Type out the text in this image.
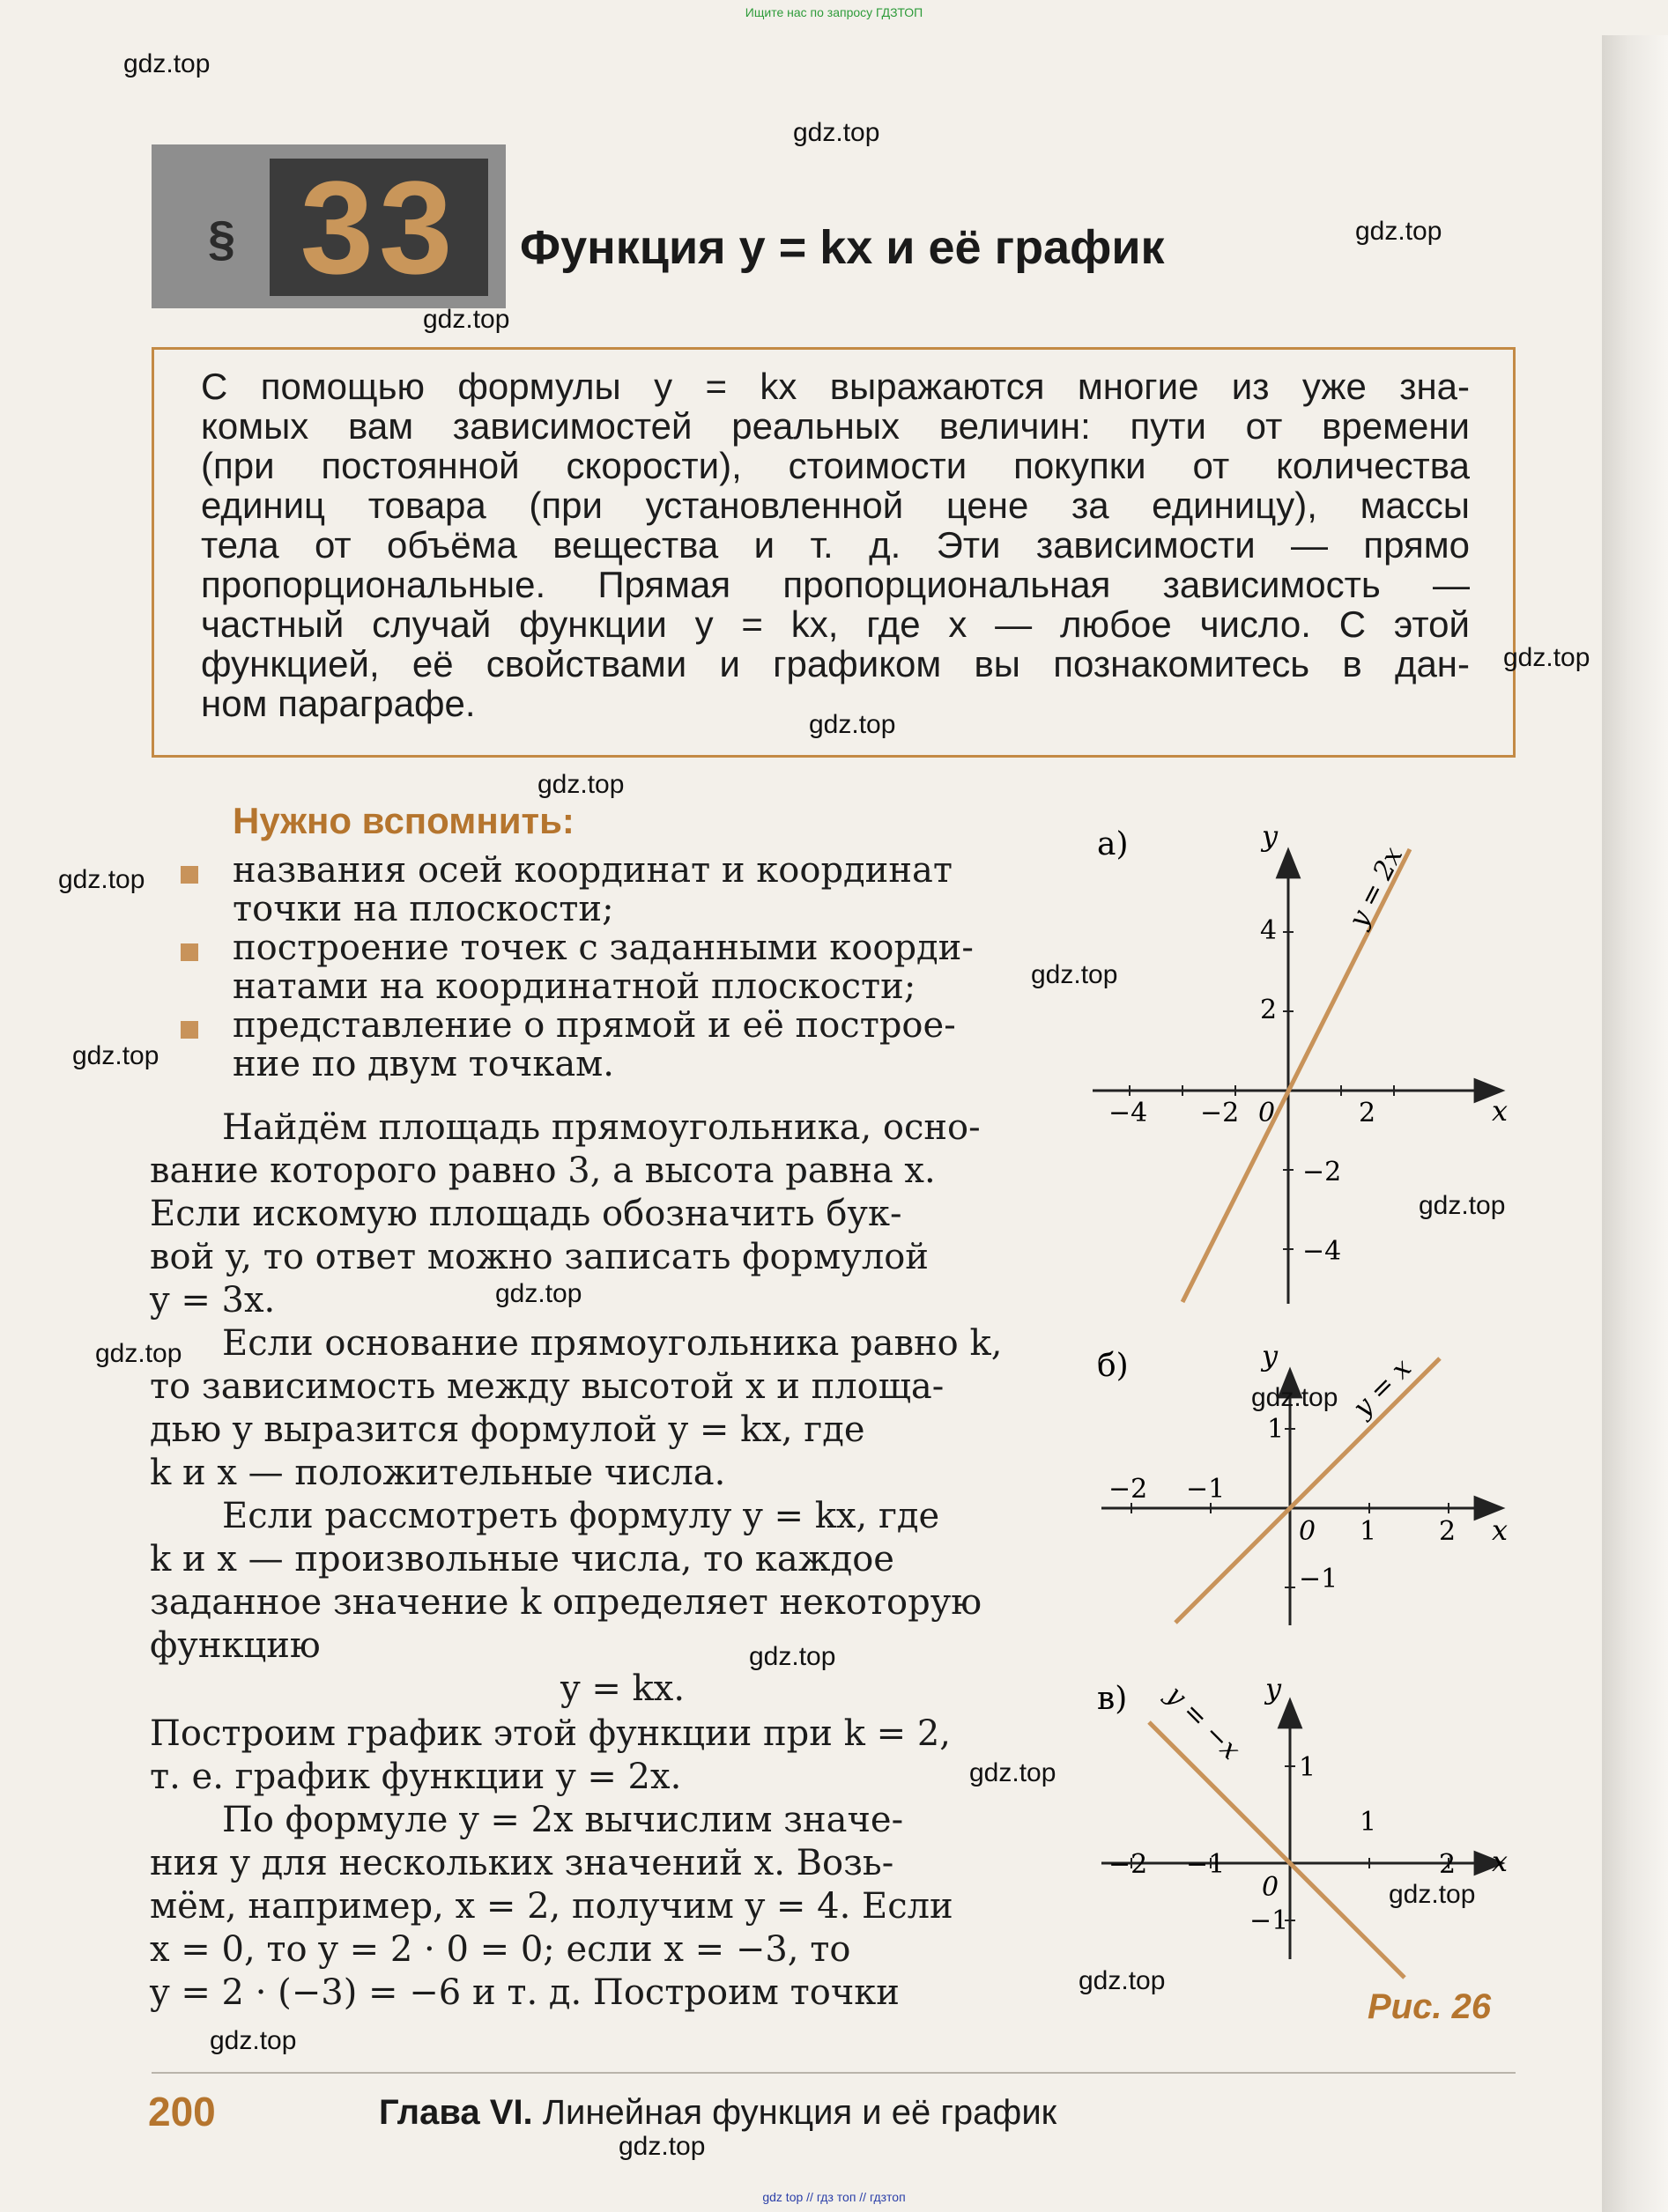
Ищите нас по запросу ГДЗТОП
§ 33	Функция y = kx и её график
С помощью формулы y = kx выражаются многие из уже зна-
комых вам зависимостей реальных величин: пути от времени
(при постоянной скорости), стоимости покупки от количества
единиц товара (при установленной цене за единицу), массы
тела от объёма вещества и т. д. Эти зависимости — прямо
пропорциональные. Прямая пропорциональная зависимость —
частный случай функции y = kx, где x — любое число. С этой
функцией, её свойствами и графиком вы познакомитесь в дан-
ном параграфе.
Нужно вспомнить:
названия осей координат и координат
точки на плоскости;
построение точек с заданными коорди-
натами на координатной плоскости;
представление о прямой и её построе-
ние по двум точкам.
Найдём площадь прямоугольника, осно-
вание которого равно 3, а высота равна x.
Если искомую площадь обозначить бук-
вой y, то ответ можно записать формулой
y = 3x.
Если основание прямоугольника равно k,
то зависимость между высотой x и площа-
дью y выразится формулой y = kx, где
k и x — положительные числа.
Если рассмотреть формулу y = kx, где
k и x — произвольные числа, то каждое
заданное значение k определяет некоторую
функцию
y = kx.
Построим график этой функции при k = 2,
т. е. график функции y = 2x.
По формуле y = 2x вычислим значе-
ния y для нескольких значений x. Возь-
мём, например, x = 2, получим y = 4. Если
x = 0, то y = 2 · 0 = 0; если x = −3, то
y = 2 · (−3) = −6 и т. д. Построим точки
а)	y
x
−4 −2 0	2
4
2
−2
−4
y = 2x
б)	y
x
−2 −1
0 1 2
1
−1
y = x
в)	y
x
−2 −1
0
1
2
1
−1
y = −x
Рис. 26
200	Глава VI. Линейная функция и её график
gdz.top
gdz.top
gdz.top
gdz.top
gdz.top
gdz.top
gdz.top
gdz.top
gdz.top
gdz.top
gdz.top
gdz.top
gdz.top
gdz.top
gdz.top
gdz.top
gdz.top
gdz.top
gdz.top
gdz.top
gdz top // гдз топ // гдзтоп
